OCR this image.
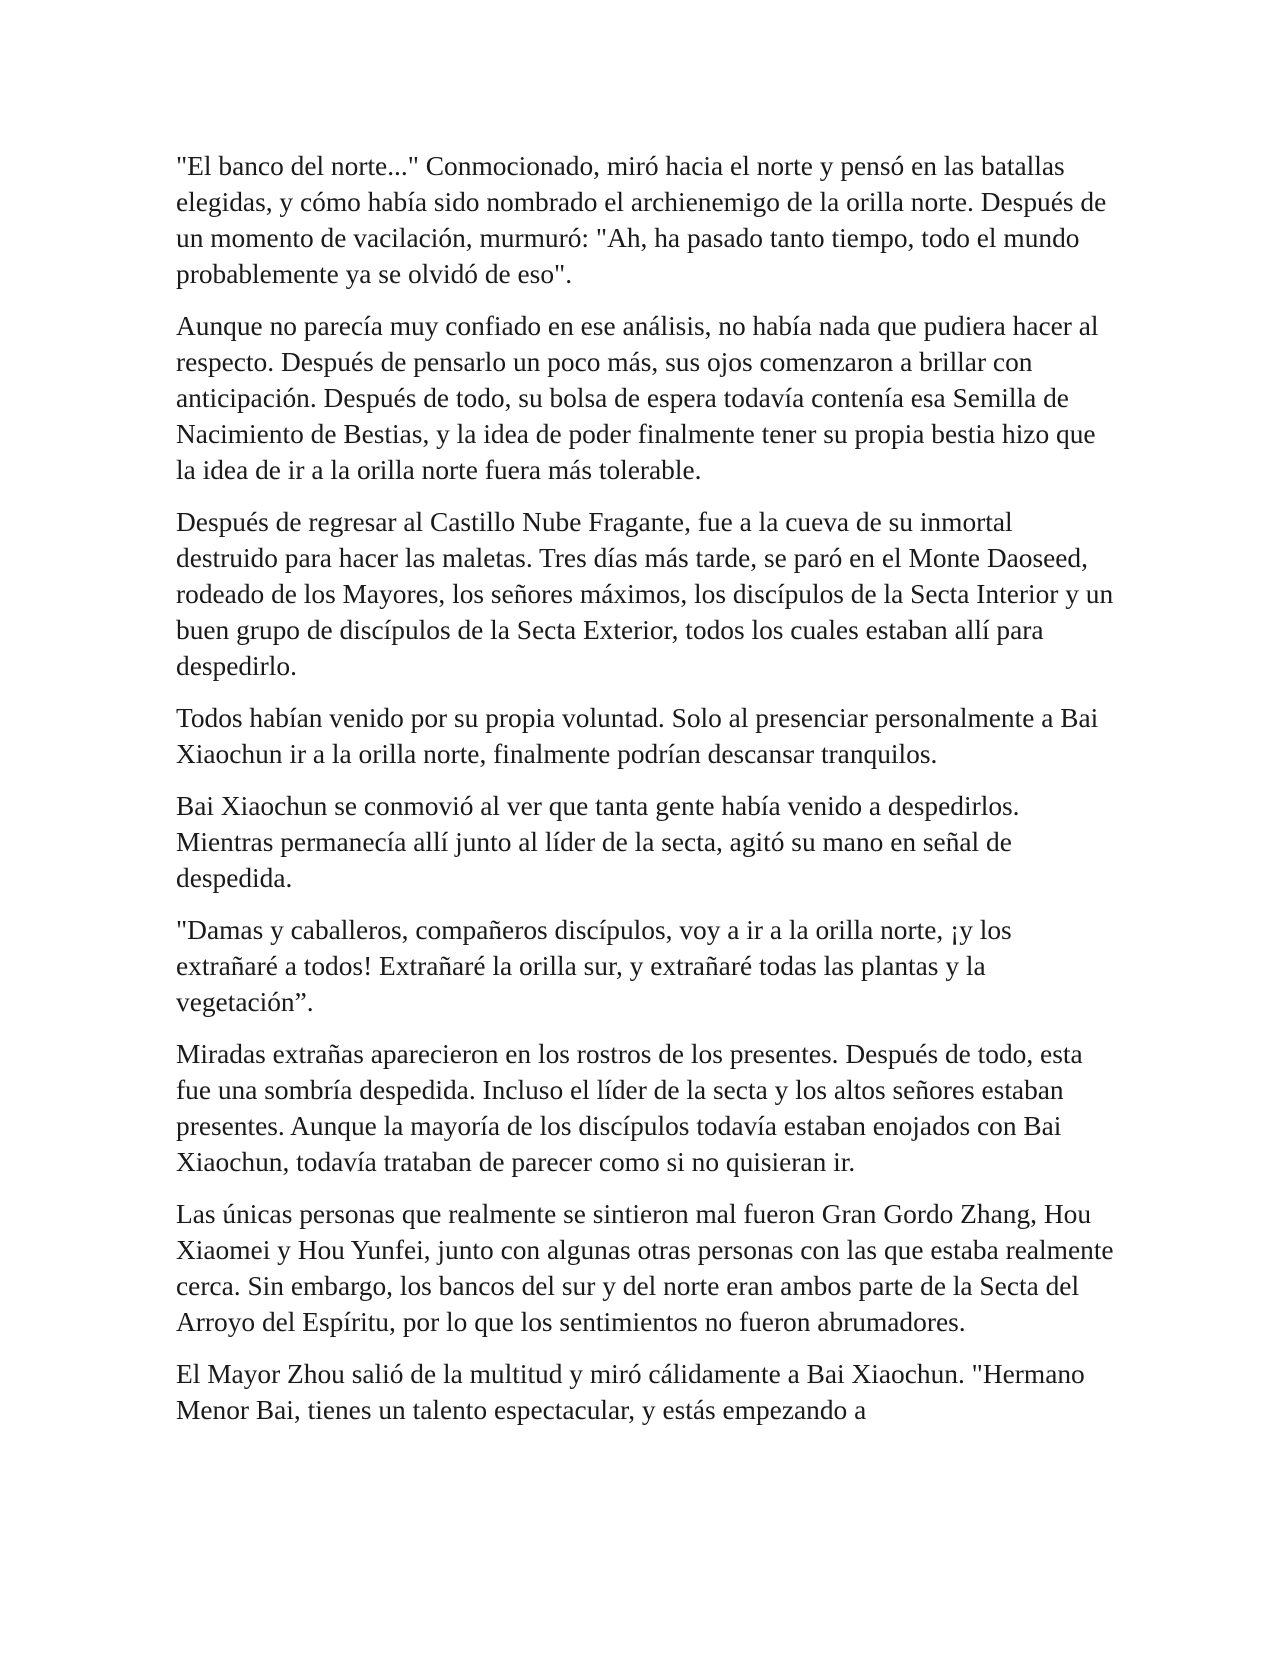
"El banco del norte..." Conmocionado, miró hacia el norte y pensó en las batallas elegidas, y cómo había sido nombrado el archienemigo de la orilla norte. Después de un momento de vacilación, murmuró: "Ah, ha pasado tanto tiempo, todo el mundo probablemente ya se olvidó de eso".

Aunque no parecía muy confiado en ese análisis, no había nada que pudiera hacer al respecto. Después de pensarlo un poco más, sus ojos comenzaron a brillar con anticipación. Después de todo, su bolsa de espera todavía contenía esa Semilla de Nacimiento de Bestias, y la idea de poder finalmente tener su propia bestia hizo que la idea de ir a la orilla norte fuera más tolerable.

Después de regresar al Castillo Nube Fragante, fue a la cueva de su inmortal destruido para hacer las maletas. Tres días más tarde, se paró en el Monte Daoseed, rodeado de los Mayores, los señores máximos, los discípulos de la Secta Interior y un buen grupo de discípulos de la Secta Exterior, todos los cuales estaban allí para despedirlo.

Todos habían venido por su propia voluntad. Solo al presenciar personalmente a Bai Xiaochun ir a la orilla norte, finalmente podrían descansar tranquilos.

Bai Xiaochun se conmovió al ver que tanta gente había venido a despedirlos. Mientras permanecía allí junto al líder de la secta, agitó su mano en señal de despedida.

"Damas y caballeros, compañeros discípulos, voy a ir a la orilla norte, ¡y los extrañaré a todos! Extrañaré la orilla sur, y extrañaré todas las plantas y la vegetación”.

Miradas extrañas aparecieron en los rostros de los presentes. Después de todo, esta fue una sombría despedida. Incluso el líder de la secta y los altos señores estaban presentes. Aunque la mayoría de los discípulos todavía estaban enojados con Bai Xiaochun, todavía trataban de parecer como si no quisieran ir.

Las únicas personas que realmente se sintieron mal fueron Gran Gordo Zhang, Hou Xiaomei y Hou Yunfei, junto con algunas otras personas con las que estaba realmente cerca. Sin embargo, los bancos del sur y del norte eran ambos parte de la Secta del Arroyo del Espíritu, por lo que los sentimientos no fueron abrumadores.

El Mayor Zhou salió de la multitud y miró cálidamente a Bai Xiaochun. "Hermano Menor Bai, tienes un talento espectacular, y estás empezando a
